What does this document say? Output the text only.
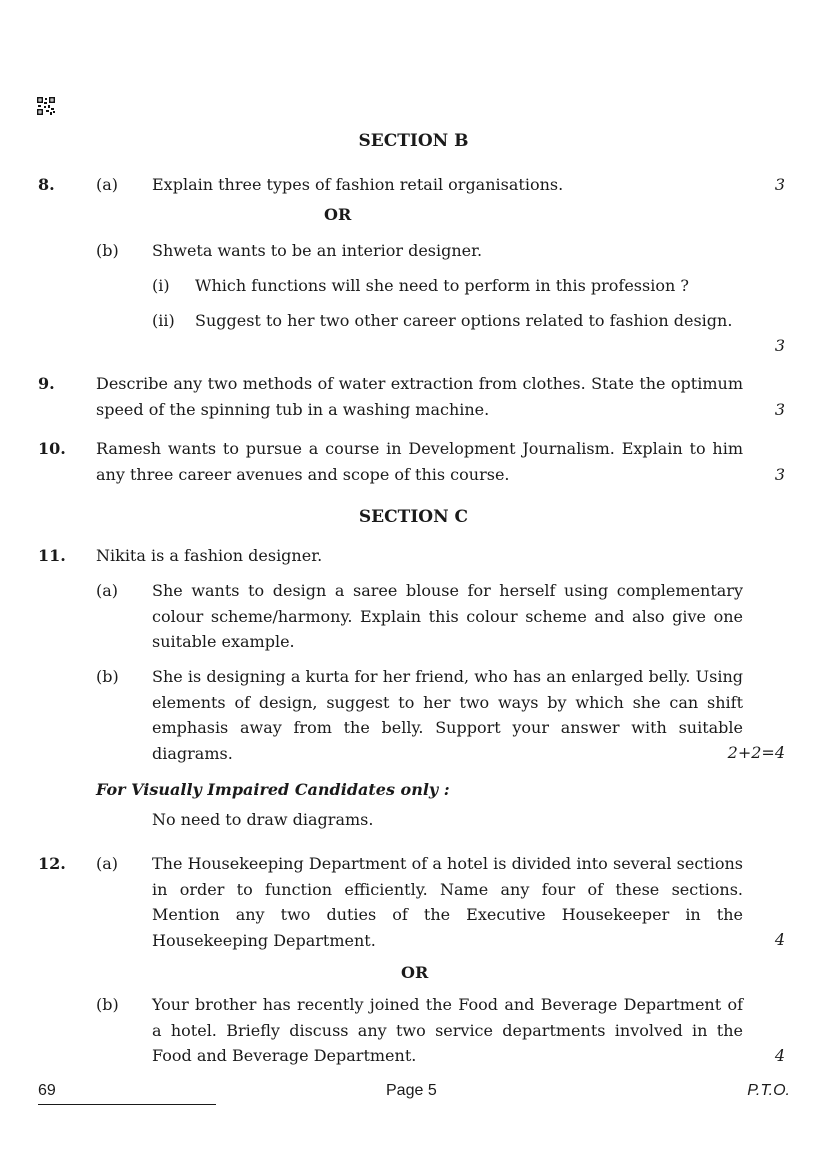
SECTION B
8.	(a) Explain three types of fashion retail organisations.	3
OR
(b) Shweta wants to be an interior designer.
(i) Which functions will she need to perform in this profession ?
(ii) Suggest to her two other career options related to fashion design.
3
9.	Describe any two methods of water extraction from clothes. State the optimum speed of the spinning tub in a washing machine.	3
10. Ramesh wants to pursue a course in Development Journalism. Explain to him any three career avenues and scope of this course.	3
SECTION C
11. Nikita is a fashion designer.
(a) She wants to design a saree blouse for herself using complementary colour scheme/harmony. Explain this colour scheme and also give one suitable example.
(b) She is designing a kurta for her friend, who has an enlarged belly. Using elements of design, suggest to her two ways by which she can shift emphasis away from the belly. Support your answer with suitable diagrams.	2+2=4
For Visually Impaired Candidates only :
No need to draw diagrams.
12. (a) The Housekeeping Department of a hotel is divided into several sections in order to function efficiently. Name any four of these sections. Mention any two duties of the Executive Housekeeper in the Housekeeping Department.	4
OR
(b) Your brother has recently joined the Food and Beverage Department of a hotel. Briefly discuss any two service departments involved in the Food and Beverage Department.	4
69	Page 5	P.T.O.
